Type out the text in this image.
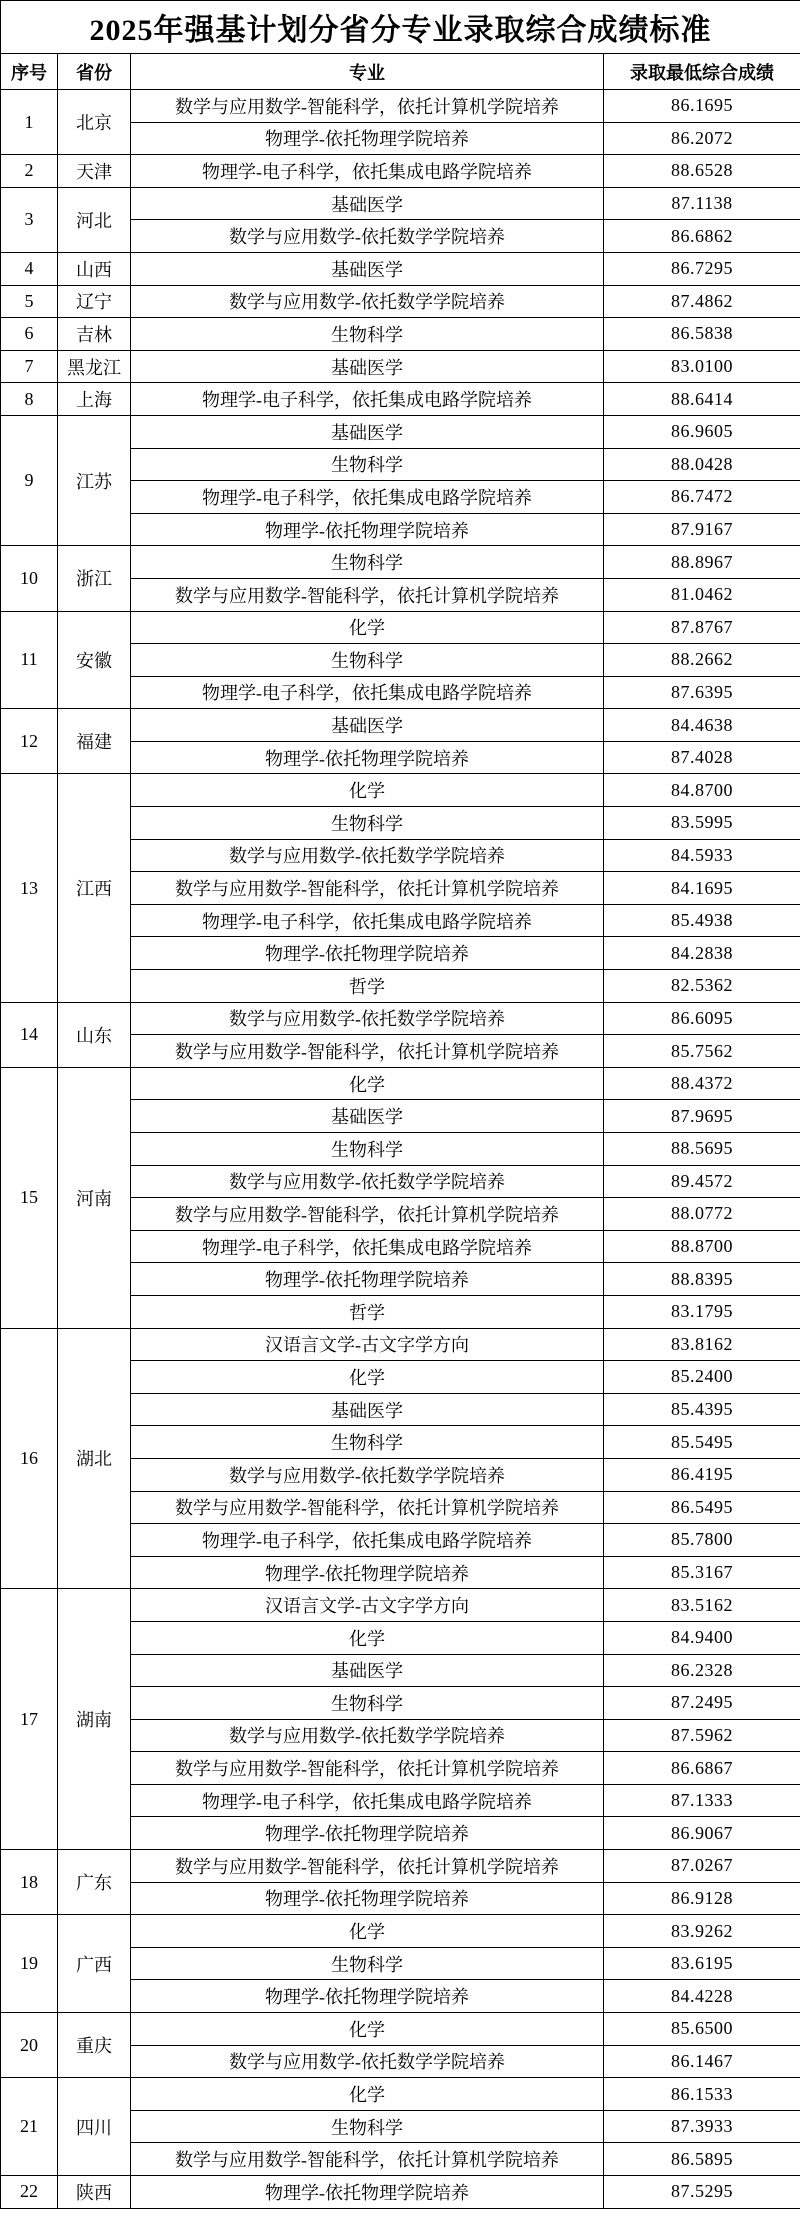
2025年强基计划分省分专业录取综合成绩标准			
序号	省份	专业	录取最低综合成绩
1	北京	数学与应用数学-智能科学，依托计算机学院培养	86.1695
		物理学-依托物理学院培养	86.2072
2	天津	物理学-电子科学，依托集成电路学院培养	88.6528
3	河北	基础医学	87.1138
		数学与应用数学-依托数学学院培养	86.6862
4	山西	基础医学	86.7295
5	辽宁	数学与应用数学-依托数学学院培养	87.4862
6	吉林	生物科学	86.5838
7	黑龙江	基础医学	83.0100
8	上海	物理学-电子科学，依托集成电路学院培养	88.6414
9	江苏	基础医学	86.9605
		生物科学	88.0428
		物理学-电子科学，依托集成电路学院培养	86.7472
		物理学-依托物理学院培养	87.9167
10	浙江	生物科学	88.8967
		数学与应用数学-智能科学，依托计算机学院培养	81.0462
11	安徽	化学	87.8767
		生物科学	88.2662
		物理学-电子科学，依托集成电路学院培养	87.6395
12	福建	基础医学	84.4638
		物理学-依托物理学院培养	87.4028
13	江西	化学	84.8700
		生物科学	83.5995
		数学与应用数学-依托数学学院培养	84.5933
		数学与应用数学-智能科学，依托计算机学院培养	84.1695
		物理学-电子科学，依托集成电路学院培养	85.4938
		物理学-依托物理学院培养	84.2838
		哲学	82.5362
14	山东	数学与应用数学-依托数学学院培养	86.6095
		数学与应用数学-智能科学，依托计算机学院培养	85.7562
15	河南	化学	88.4372
		基础医学	87.9695
		生物科学	88.5695
		数学与应用数学-依托数学学院培养	89.4572
		数学与应用数学-智能科学，依托计算机学院培养	88.0772
		物理学-电子科学，依托集成电路学院培养	88.8700
		物理学-依托物理学院培养	88.8395
		哲学	83.1795
16	湖北	汉语言文学-古文字学方向	83.8162
		化学	85.2400
		基础医学	85.4395
		生物科学	85.5495
		数学与应用数学-依托数学学院培养	86.4195
		数学与应用数学-智能科学，依托计算机学院培养	86.5495
		物理学-电子科学，依托集成电路学院培养	85.7800
		物理学-依托物理学院培养	85.3167
17	湖南	汉语言文学-古文字学方向	83.5162
		化学	84.9400
		基础医学	86.2328
		生物科学	87.2495
		数学与应用数学-依托数学学院培养	87.5962
		数学与应用数学-智能科学，依托计算机学院培养	86.6867
		物理学-电子科学，依托集成电路学院培养	87.1333
		物理学-依托物理学院培养	86.9067
18	广东	数学与应用数学-智能科学，依托计算机学院培养	87.0267
		物理学-依托物理学院培养	86.9128
19	广西	化学	83.9262
		生物科学	83.6195
		物理学-依托物理学院培养	84.4228
20	重庆	化学	85.6500
		数学与应用数学-依托数学学院培养	86.1467
21	四川	化学	86.1533
		生物科学	87.3933
		数学与应用数学-智能科学，依托计算机学院培养	86.5895
22	陕西	物理学-依托物理学院培养	87.5295
